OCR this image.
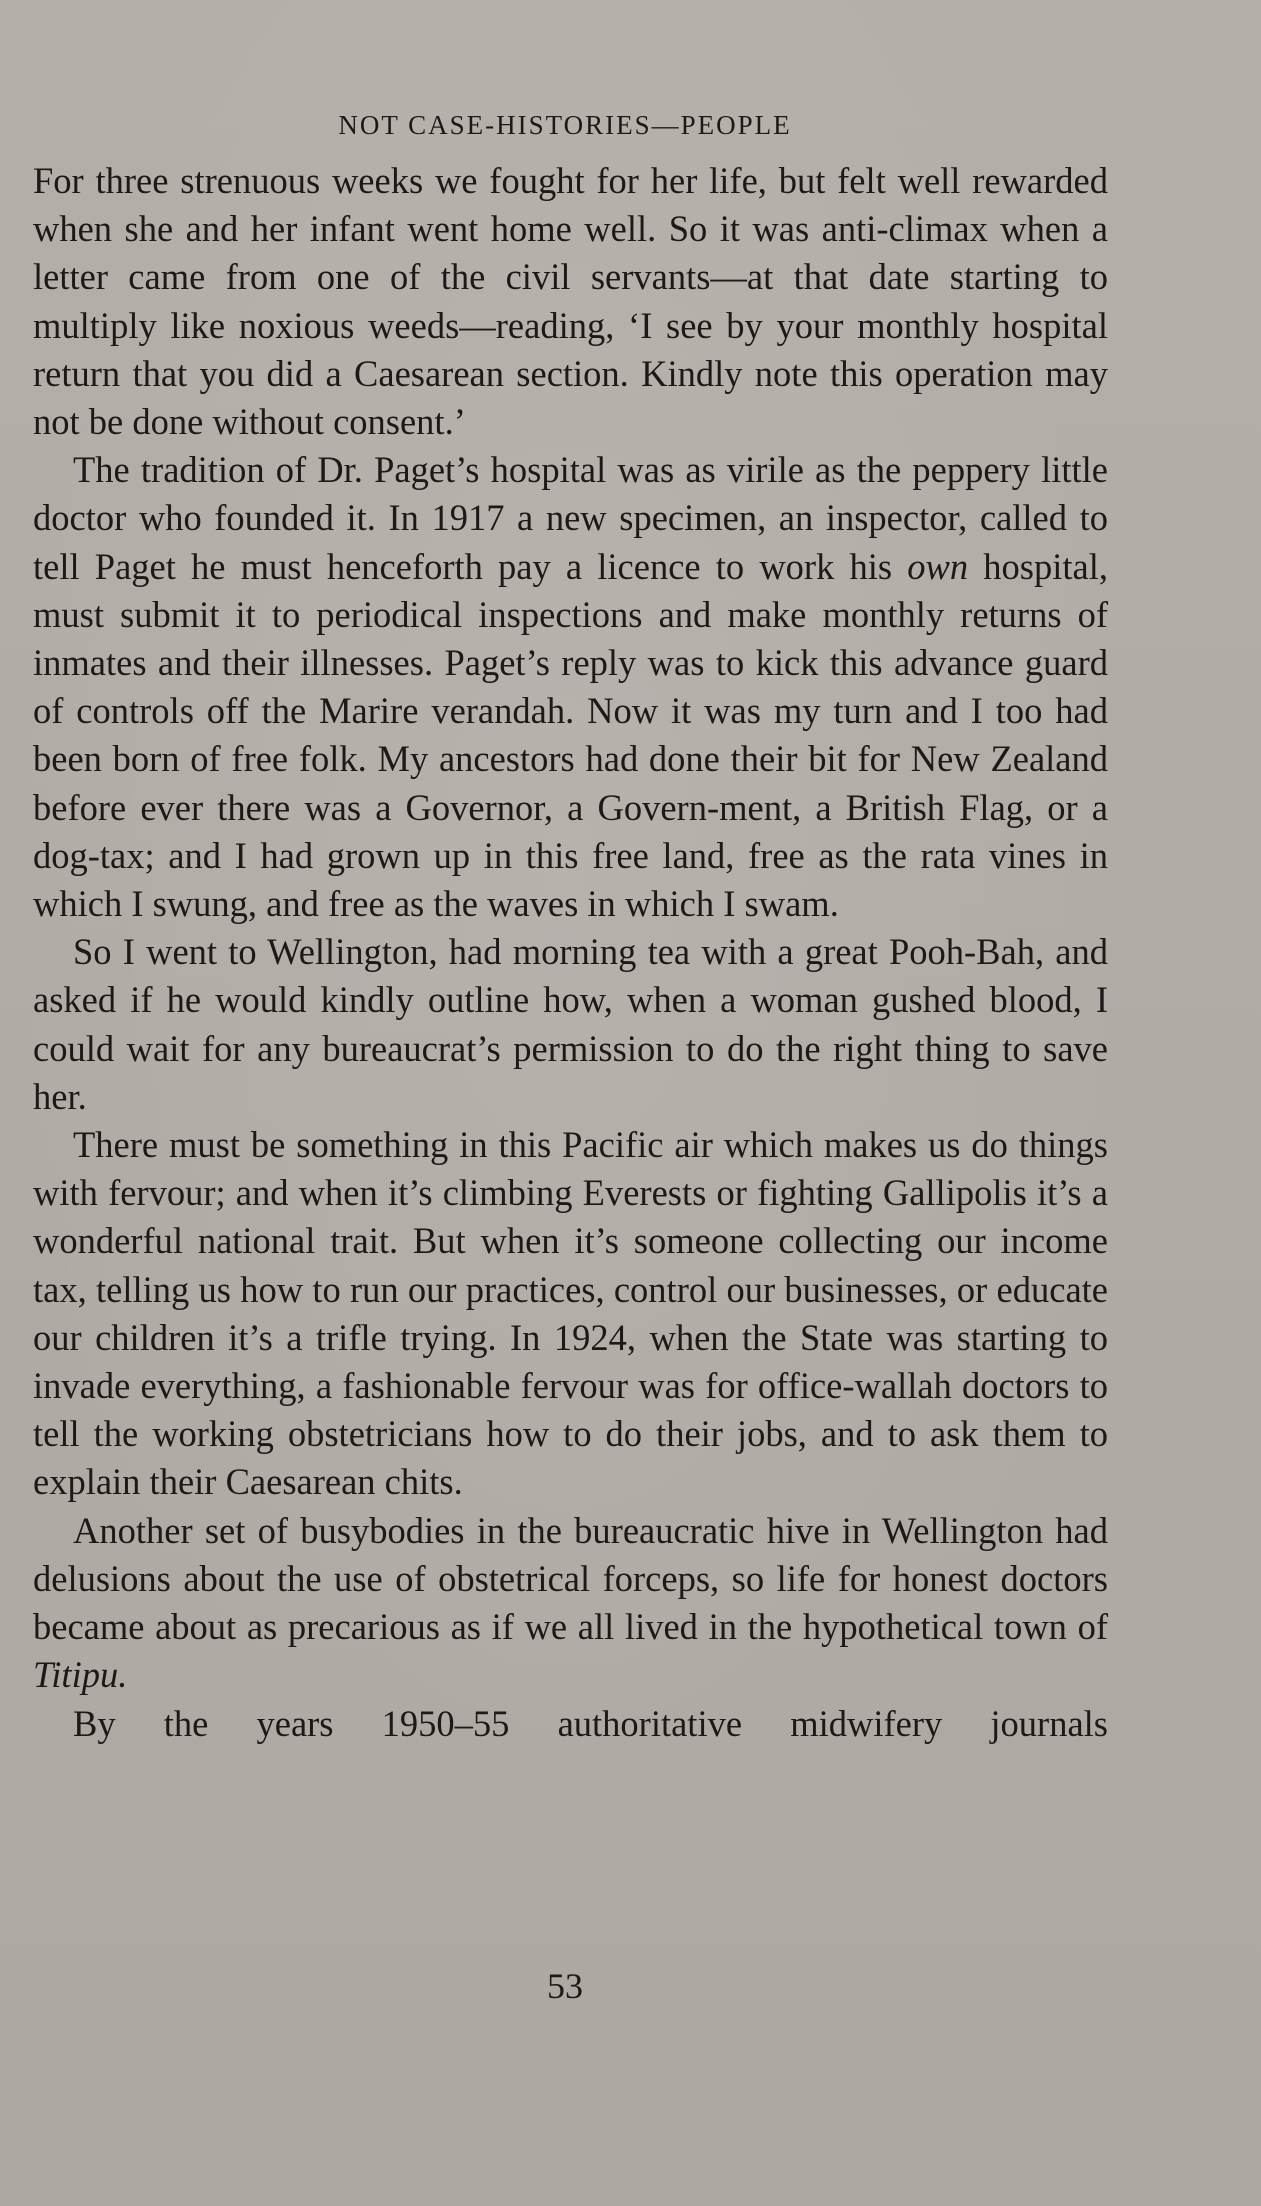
NOT CASE-HISTORIES—PEOPLE

For three strenuous weeks we fought for her life, but felt well rewarded when she and her infant went home well. So it was anti-climax when a letter came from one of the civil servants—at that date starting to multiply like noxious weeds—reading, ‘I see by your monthly hospital return that you did a Caesarean section. Kindly note this operation may not be done without consent.’

The tradition of Dr. Paget’s hospital was as virile as the peppery little doctor who founded it. In 1917 a new specimen, an inspector, called to tell Paget he must henceforth pay a licence to work his own hospital, must submit it to periodical inspections and make monthly returns of inmates and their illnesses. Paget’s reply was to kick this advance guard of controls off the Marire verandah. Now it was my turn and I too had been born of free folk. My ancestors had done their bit for New Zealand before ever there was a Governor, a Govern-ment, a British Flag, or a dog-tax; and I had grown up in this free land, free as the rata vines in which I swung, and free as the waves in which I swam.

So I went to Wellington, had morning tea with a great Pooh-Bah, and asked if he would kindly outline how, when a woman gushed blood, I could wait for any bureaucrat’s permission to do the right thing to save her.

There must be something in this Pacific air which makes us do things with fervour; and when it’s climbing Everests or fighting Gallipolis it’s a wonderful national trait. But when it’s someone collecting our income tax, telling us how to run our practices, control our businesses, or educate our children it’s a trifle trying. In 1924, when the State was starting to invade everything, a fashionable fervour was for office-wallah doctors to tell the working obstetricians how to do their jobs, and to ask them to explain their Caesarean chits.

Another set of busybodies in the bureaucratic hive in Wellington had delusions about the use of obstetrical forceps, so life for honest doctors became about as precarious as if we all lived in the hypothetical town of Titipu.

By the years 1950–55 authoritative midwifery journals

53
